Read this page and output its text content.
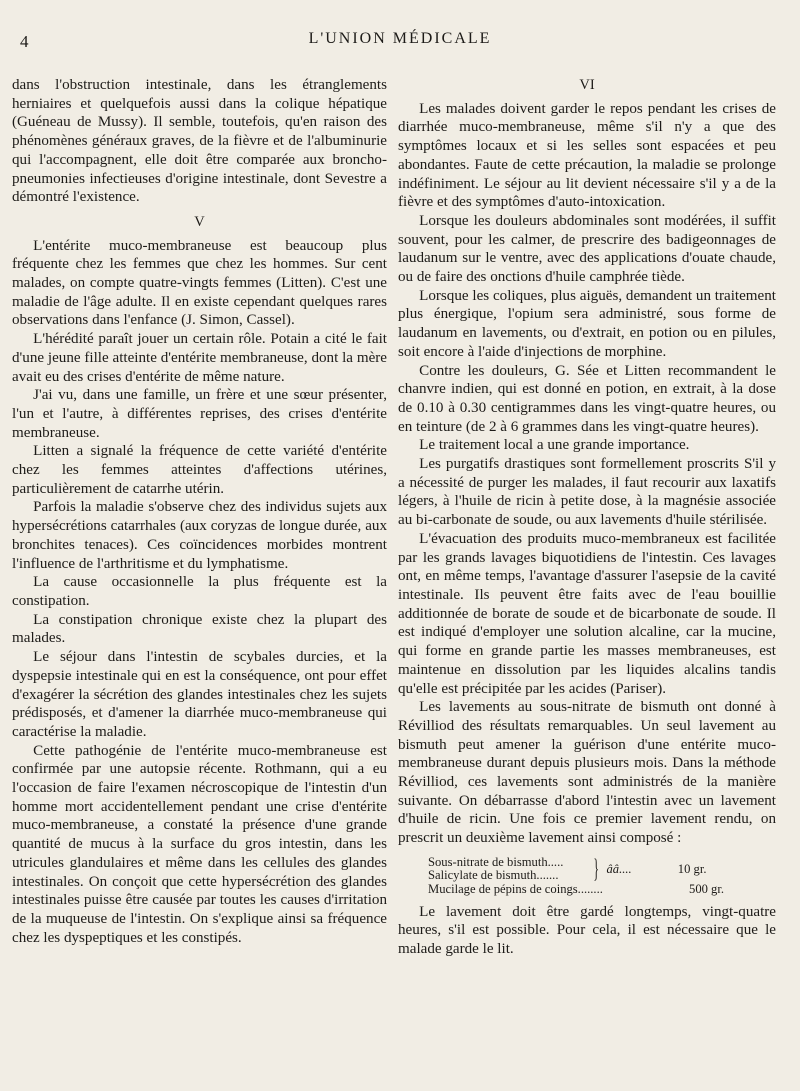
4	L'UNION MÉDICALE

dans l'obstruction intestinale, dans les étranglements herniaires et quelquefois aussi dans la colique hépatique (Guéneau de Mussy). Il semble, toutefois, qu'en raison des phénomènes généraux graves, de la fièvre et de l'albuminurie qui l'accompagnent, elle doit être comparée aux broncho-pneumonies infectieuses d'origine intestinale, dont Sevestre a démontré l'existence.

V

L'entérite muco-membraneuse est beaucoup plus fréquente chez les femmes que chez les hommes. Sur cent malades, on compte quatre-vingts femmes (Litten). C'est une maladie de l'âge adulte. Il en existe cependant quelques rares observations dans l'enfance (J. Simon, Cassel).

L'hérédité paraît jouer un certain rôle. Potain a cité le fait d'une jeune fille atteinte d'entérite membraneuse, dont la mère avait eu des crises d'entérite de même nature.

J'ai vu, dans une famille, un frère et une sœur présenter, l'un et l'autre, à différentes reprises, des crises d'entérite membraneuse.

Litten a signalé la fréquence de cette variété d'entérite chez les femmes atteintes d'affections utérines, particulièrement de catarrhe utérin.

Parfois la maladie s'observe chez des individus sujets aux hypersécrétions catarrhales (aux coryzas de longue durée, aux bronchites tenaces). Ces coïncidences morbides montrent l'influence de l'arthritisme et du lymphatisme.

La cause occasionnelle la plus fréquente est la constipation.

La constipation chronique existe chez la plupart des malades.

Le séjour dans l'intestin de scybales durcies, et la dyspepsie intestinale qui en est la conséquence, ont pour effet d'exagérer la sécrétion des glandes intestinales chez les sujets prédisposés, et d'amener la diarrhée muco-membraneuse qui caractérise la maladie.

Cette pathogénie de l'entérite muco-membraneuse est confirmée par une autopsie récente. Rothmann, qui a eu l'occasion de faire l'examen nécroscopique de l'intestin d'un homme mort accidentellement pendant une crise d'entérite muco-membraneuse, a constaté la présence d'une grande quantité de mucus à la surface du gros intestin, dans les utricules glandulaires et même dans les cellules des glandes intestinales. On conçoit que cette hypersécrétion des glandes intestinales puisse être causée par toutes les causes d'irritation de la muqueuse de l'intestin. On s'explique ainsi sa fréquence chez les dyspeptiques et les constipés.

VI

Les malades doivent garder le repos pendant les crises de diarrhée muco-membraneuse, même s'il n'y a que des symptômes locaux et si les selles sont espacées et peu abondantes. Faute de cette précaution, la maladie se prolonge indéfiniment. Le séjour au lit devient nécessaire s'il y a de la fièvre et des symptômes d'auto-intoxication.

Lorsque les douleurs abdominales sont modérées, il suffit souvent, pour les calmer, de prescrire des badigeonnages de laudanum sur le ventre, avec des applications d'ouate chaude, ou de faire des onctions d'huile camphrée tiède.

Lorsque les coliques, plus aiguës, demandent un traitement plus énergique, l'opium sera administré, sous forme de laudanum en lavements, ou d'extrait, en potion ou en pilules, soit encore à l'aide d'injections de morphine.

Contre les douleurs, G. Sée et Litten recommandent le chanvre indien, qui est donné en potion, en extrait, à la dose de 0.10 à 0.30 centigrammes dans les vingt-quatre heures, ou en teinture (de 2 à 6 grammes dans les vingt-quatre heures).

Le traitement local a une grande importance.

Les purgatifs drastiques sont formellement proscrits S'il y a nécessité de purger les malades, il faut recourir aux laxatifs légers, à l'huile de ricin à petite dose, à la magnésie associée au bi-carbonate de soude, ou aux lavements d'huile stérilisée.

L'évacuation des produits muco-membraneux est facilitée par les grands lavages biquotidiens de l'intestin. Ces lavages ont, en même temps, l'avantage d'assurer l'asepsie de la cavité intestinale. Ils peuvent être faits avec de l'eau bouillie additionnée de borate de soude et de bicarbonate de soude. Il est indiqué d'employer une solution alcaline, car la mucine, qui forme en grande partie les masses membraneuses, est maintenue en dissolution par les liquides alcalins tandis qu'elle est précipitée par les acides (Pariser).

Les lavements au sous-nitrate de bismuth ont donné à Révilliod des résultats remarquables. Un seul lavement au bismuth peut amener la guérison d'une entérite muco-membraneuse durant depuis plusieurs mois. Dans la méthode Révilliod, ces lavements sont administrés de la manière suivante. On débarrasse d'abord l'intestin avec un lavement d'huile de ricin. Une fois ce premier lavement rendu, on prescrit un deuxième lavement ainsi composé :

Sous-nitrate de bismuth.....
Salicylate de bismuth.......	} ââ....	10 gr.
Mucilage de pépins de coings........	500 gr.

Le lavement doit être gardé longtemps, vingt-quatre heures, s'il est possible. Pour cela, il est nécessaire que le malade garde le lit.
